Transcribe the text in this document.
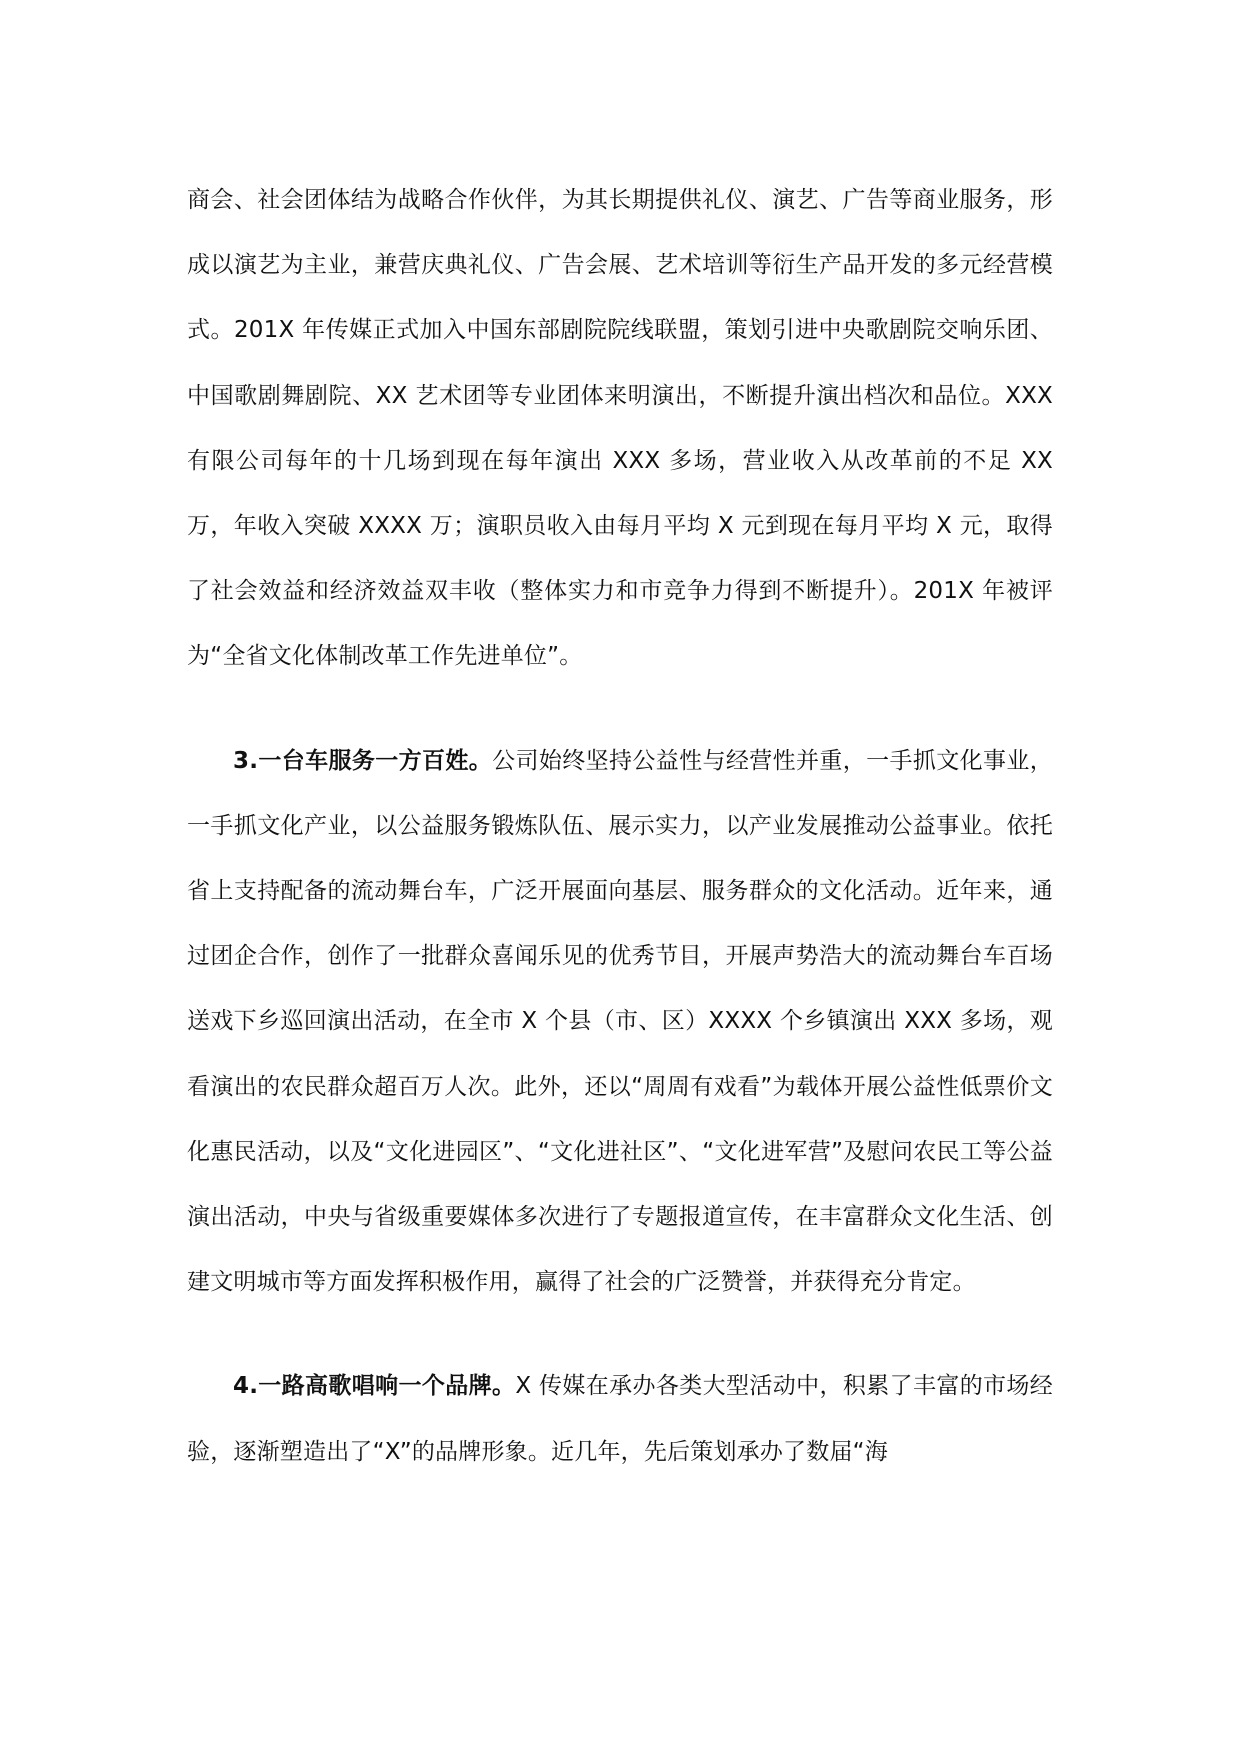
商会、社会团体结为战略合作伙伴，为其长期提供礼仪、演艺、广告等商业服务，形成以演艺为主业，兼营庆典礼仪、广告会展、艺术培训等衍生产品开发的多元经营模式。201X 年传媒正式加入中国东部剧院院线联盟，策划引进中央歌剧院交响乐团、中国歌剧舞剧院、XX 艺术团等专业团体来明演出，不断提升演出档次和品位。XXX 有限公司每年的十几场到现在每年演出 XXX 多场，营业收入从改革前的不足 XX 万，年收入突破 XXXX 万；演职员收入由每月平均 X 元到现在每月平均 X 元，取得了社会效益和经济效益双丰收（整体实力和市竞争力得到不断提升）。201X 年被评为“全省文化体制改革工作先进单位”。

3.一台车服务一方百姓。公司始终坚持公益性与经营性并重，一手抓文化事业，一手抓文化产业，以公益服务锻炼队伍、展示实力，以产业发展推动公益事业。依托省上支持配备的流动舞台车，广泛开展面向基层、服务群众的文化活动。近年来，通过团企合作，创作了一批群众喜闻乐见的优秀节目，开展声势浩大的流动舞台车百场送戏下乡巡回演出活动，在全市 X 个县（市、区）XXXX 个乡镇演出 XXX 多场，观看演出的农民群众超百万人次。此外，还以“周周有戏看”为载体开展公益性低票价文化惠民活动，以及“文化进园区”、“文化进社区”、“文化进军营”及慰问农民工等公益演出活动，中央与省级重要媒体多次进行了专题报道宣传，在丰富群众文化生活、创建文明城市等方面发挥积极作用，赢得了社会的广泛赞誉，并获得充分肯定。

4.一路高歌唱响一个品牌。X 传媒在承办各类大型活动中，积累了丰富的市场经验，逐渐塑造出了“X”的品牌形象。近几年，先后策划承办了数届“海
